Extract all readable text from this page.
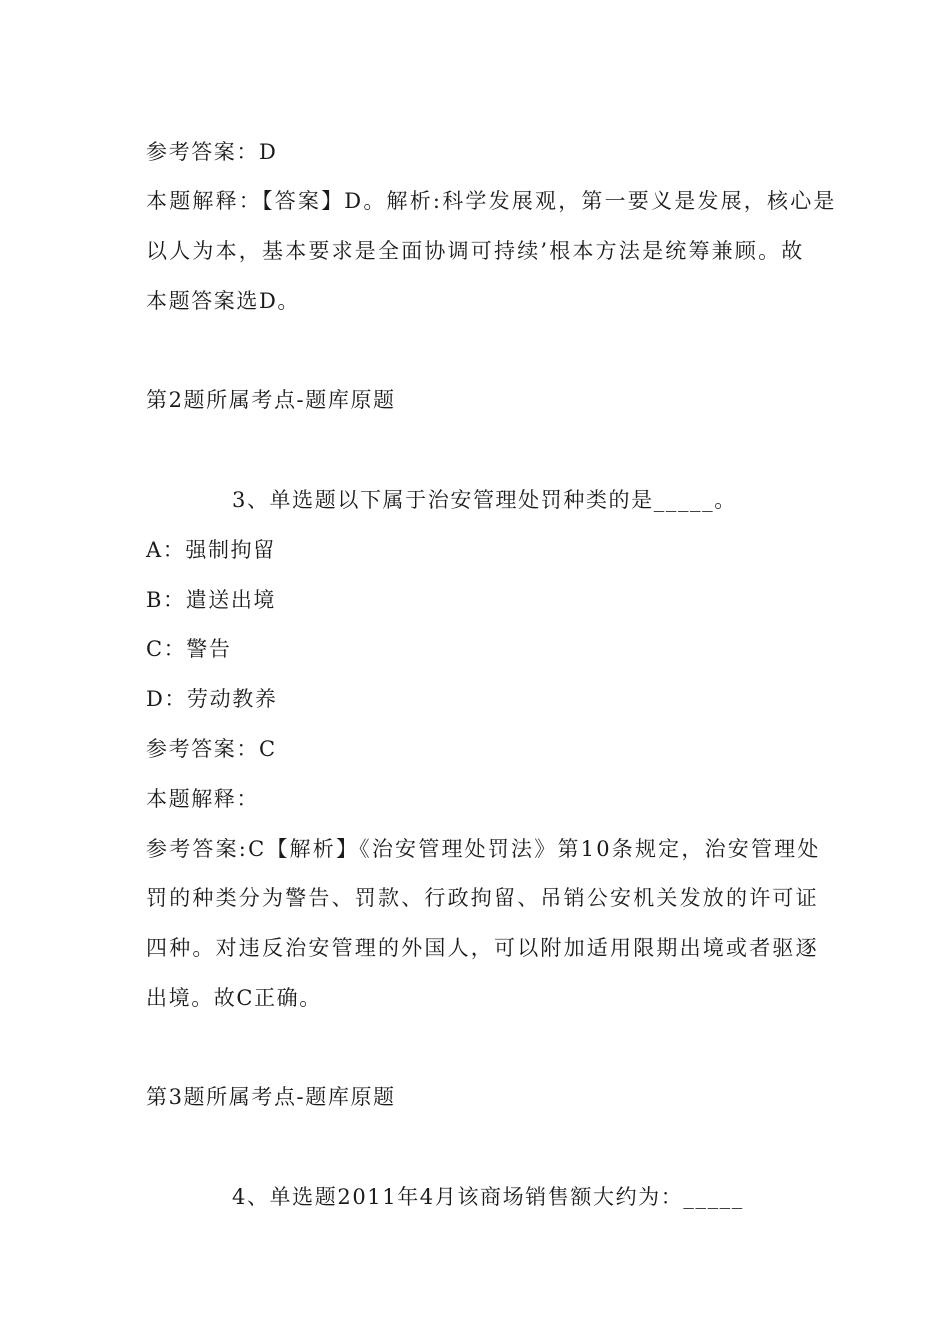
参考答案：D
本题解释：【答案】D。解析:科学发展观，第一要义是发展，核心是
以人为本，基本要求是全面协调可持续’根本方法是统筹兼顾。故
本题答案选D。
第2题所属考点-题库原题
3、单选题以下属于治安管理处罚种类的是_____。
A：强制拘留
B：遣送出境
C：警告
D：劳动教养
参考答案：C
本题解释：
参考答案:C【解析】《治安管理处罚法》第10条规定，治安管理处
罚的种类分为警告、罚款、行政拘留、吊销公安机关发放的许可证
四种。对违反治安管理的外国人，可以附加适用限期出境或者驱逐
出境。故C正确。
第3题所属考点-题库原题
4、单选题2011年4月该商场销售额大约为：_____
